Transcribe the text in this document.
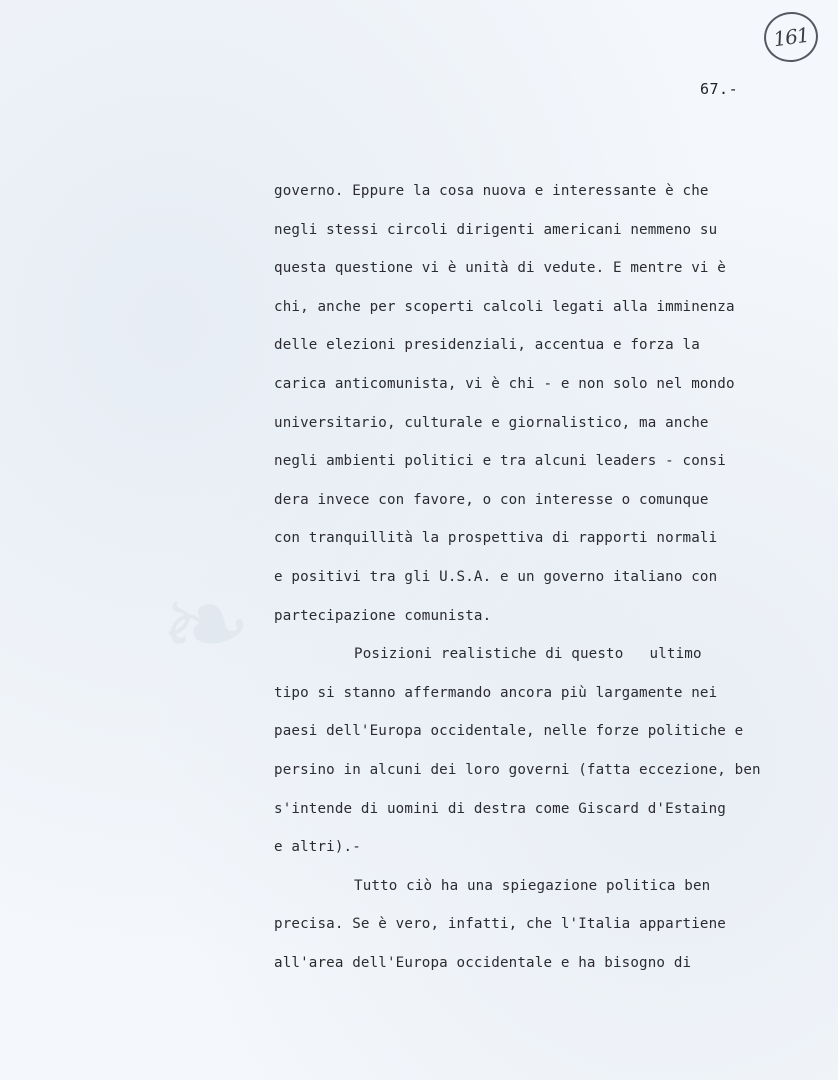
❧
161
67.-
governo. Eppure la cosa nuova e interessante è che
negli stessi circoli dirigenti americani nemmeno su
questa questione vi è unità di vedute. E mentre vi è
chi, anche per scoperti calcoli legati alla imminenza
delle elezioni presidenziali, accentua e forza la
carica anticomunista, vi è chi - e non solo nel mondo
universitario, culturale e giornalistico, ma anche
negli ambienti politici e tra alcuni leaders - consi
dera invece con favore, o con interesse o comunque
con tranquillità la prospettiva di rapporti normali
e positivi tra gli U.S.A. e un governo italiano con
partecipazione comunista.
Posizioni realistiche di questo   ultimo
tipo si stanno affermando ancora più largamente nei
paesi dell'Europa occidentale, nelle forze politiche e
persino in alcuni dei loro governi (fatta eccezione, ben
s'intende di uomini di destra come Giscard d'Estaing
e altri).-
Tutto ciò ha una spiegazione politica ben
precisa. Se è vero, infatti, che l'Italia appartiene
all'area dell'Europa occidentale e ha bisogno di
